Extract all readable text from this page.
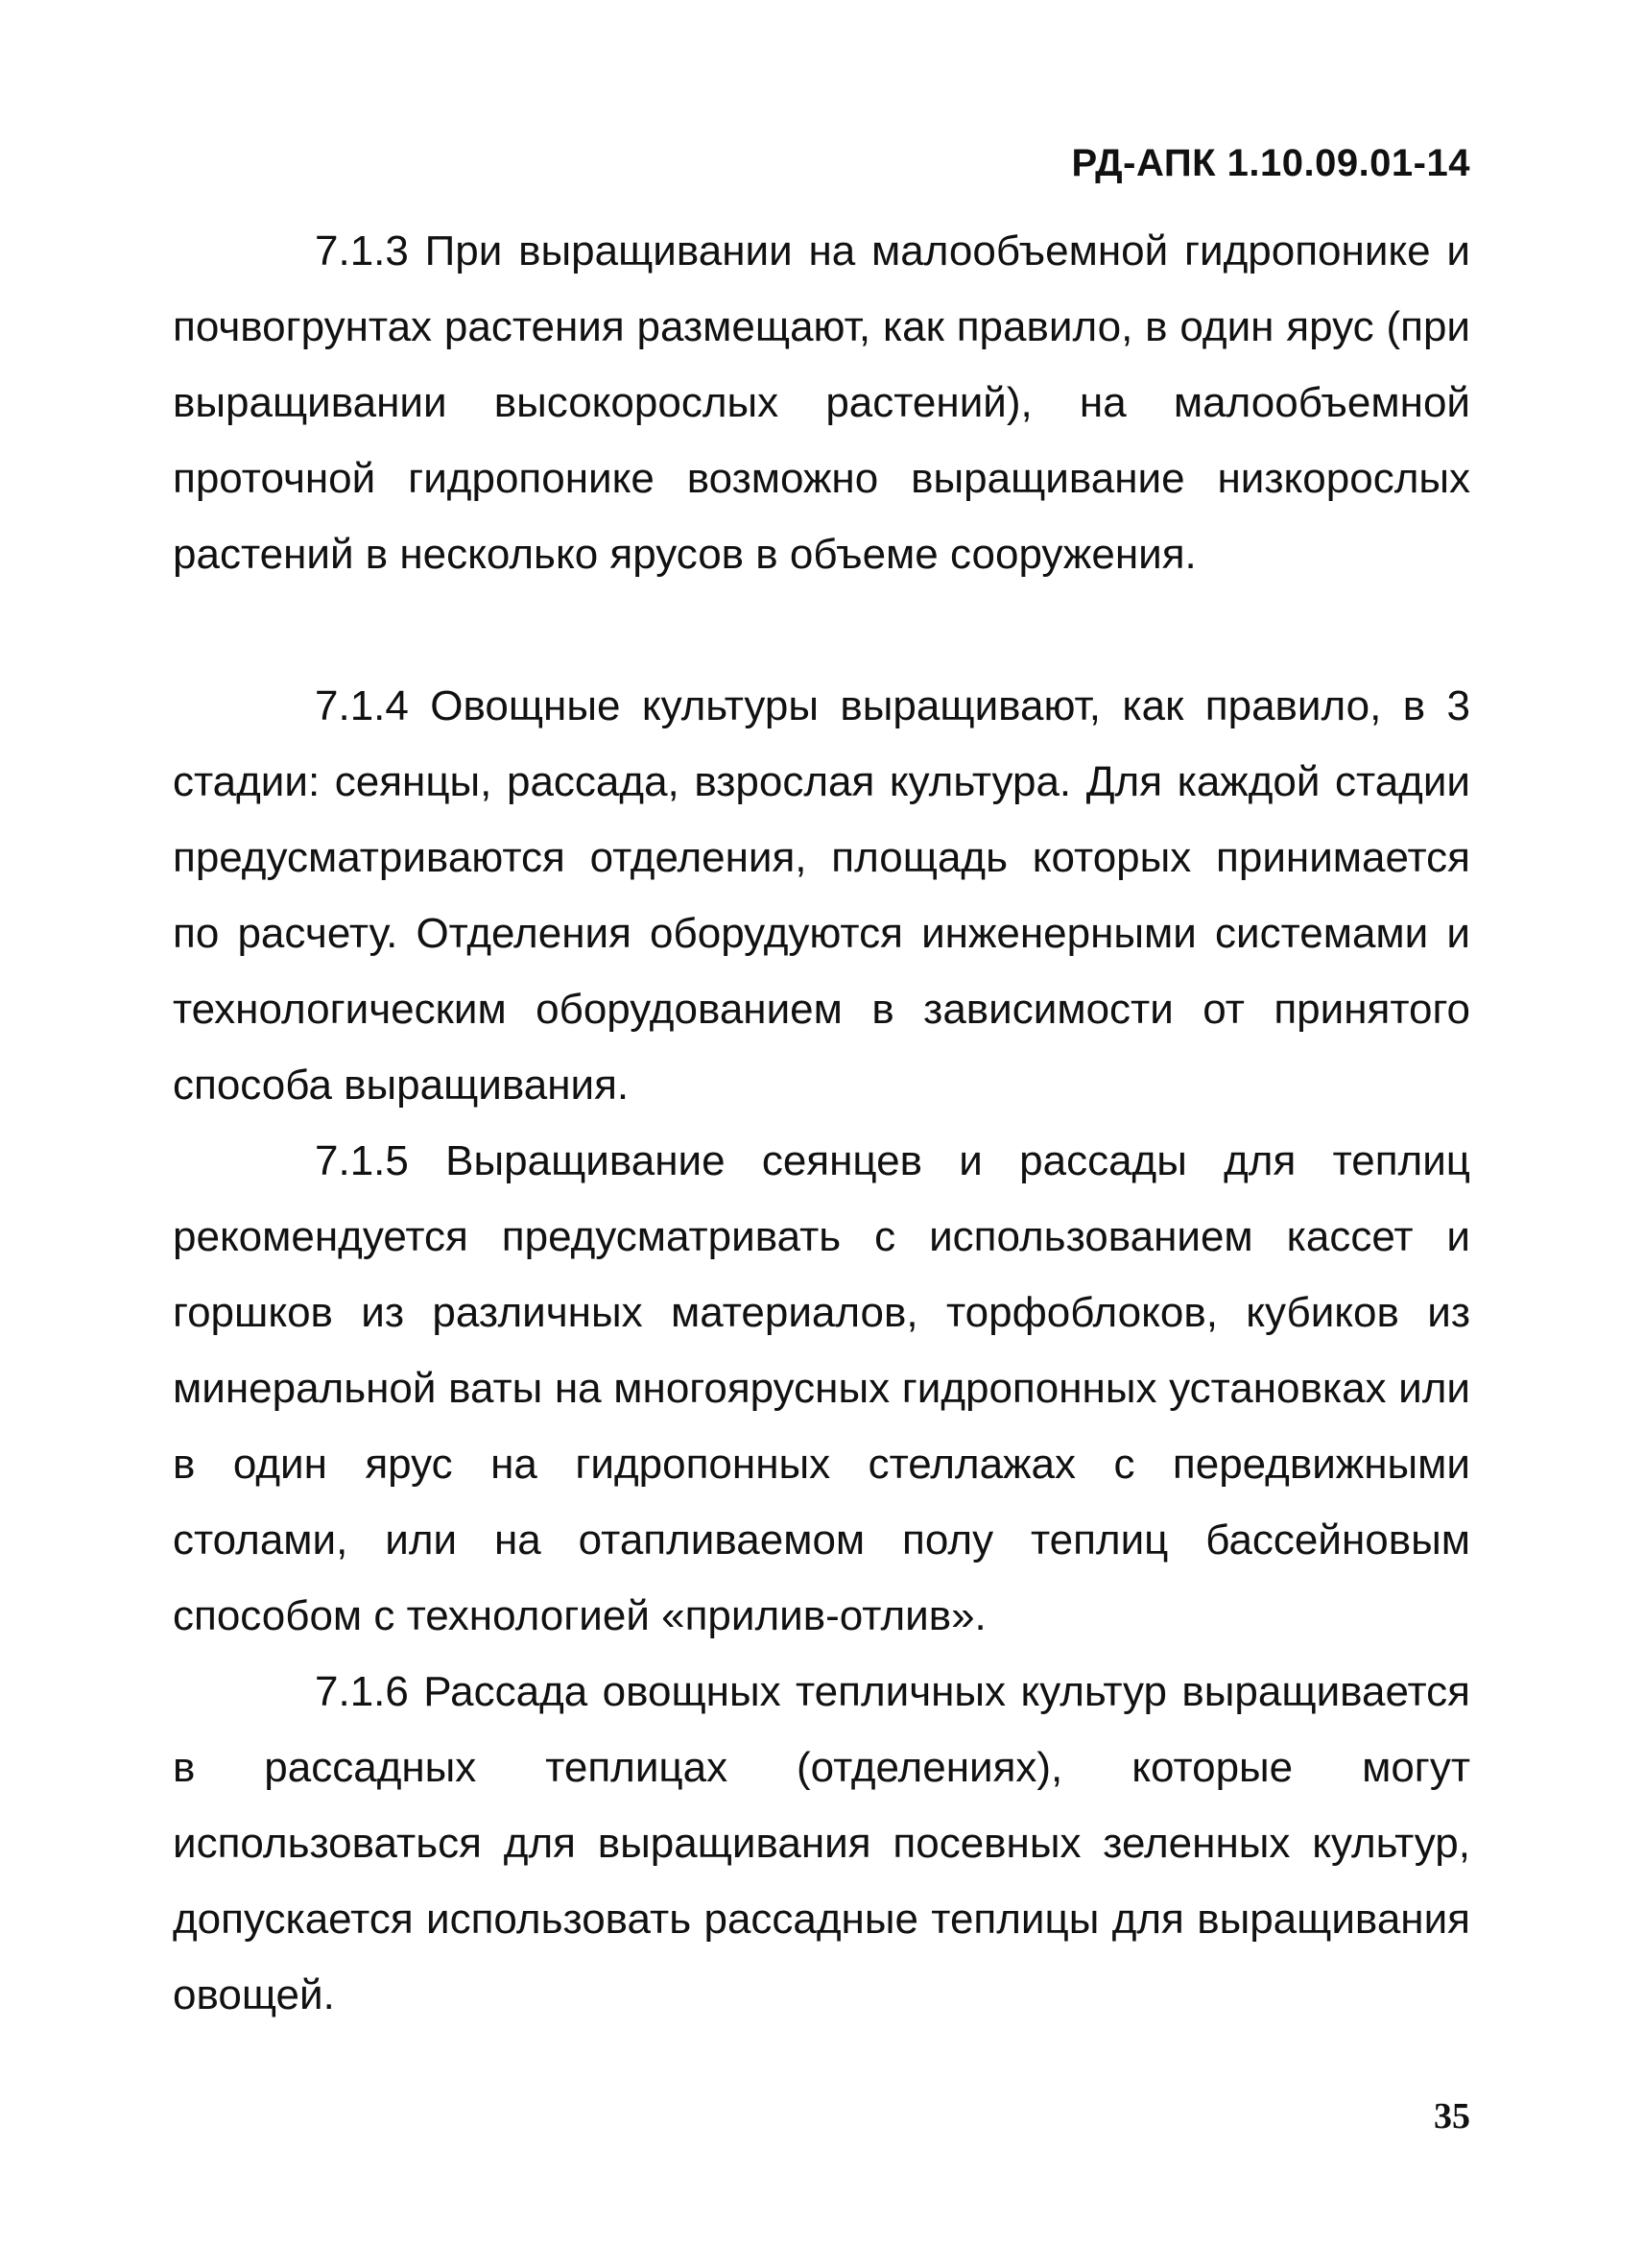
РД-АПК 1.10.09.01-14

7.1.3 При выращивании на малообъемной гидропонике и почвогрунтах растения размещают, как правило, в один ярус (при выращивании высокорослых растений), на малообъемной проточной гидропонике возможно выращивание низкорослых растений в несколько ярусов в объеме сооружения.

7.1.4 Овощные культуры выращивают, как правило, в 3 стадии: сеянцы, рассада, взрослая культура. Для каждой стадии предусматриваются отделения, площадь которых принимается по расчету. Отделения оборудуются инженерными системами и технологическим оборудованием в зависимости от принятого способа выращивания.

7.1.5 Выращивание сеянцев и рассады для теплиц рекомендуется предусматривать с использованием кассет и горшков из различных материалов, торфоблоков, кубиков из минеральной ваты на многоярусных гидропонных установках или в один ярус на гидропонных стеллажах с передвижными столами, или на отапливаемом полу теплиц бассейновым способом с технологией «прилив-отлив».

7.1.6 Рассада овощных тепличных культур выращивается в рассадных теплицах (отделениях), которые могут использоваться для выращивания посевных зеленных культур, допускается использовать рассадные теплицы для выращивания овощей.

35
